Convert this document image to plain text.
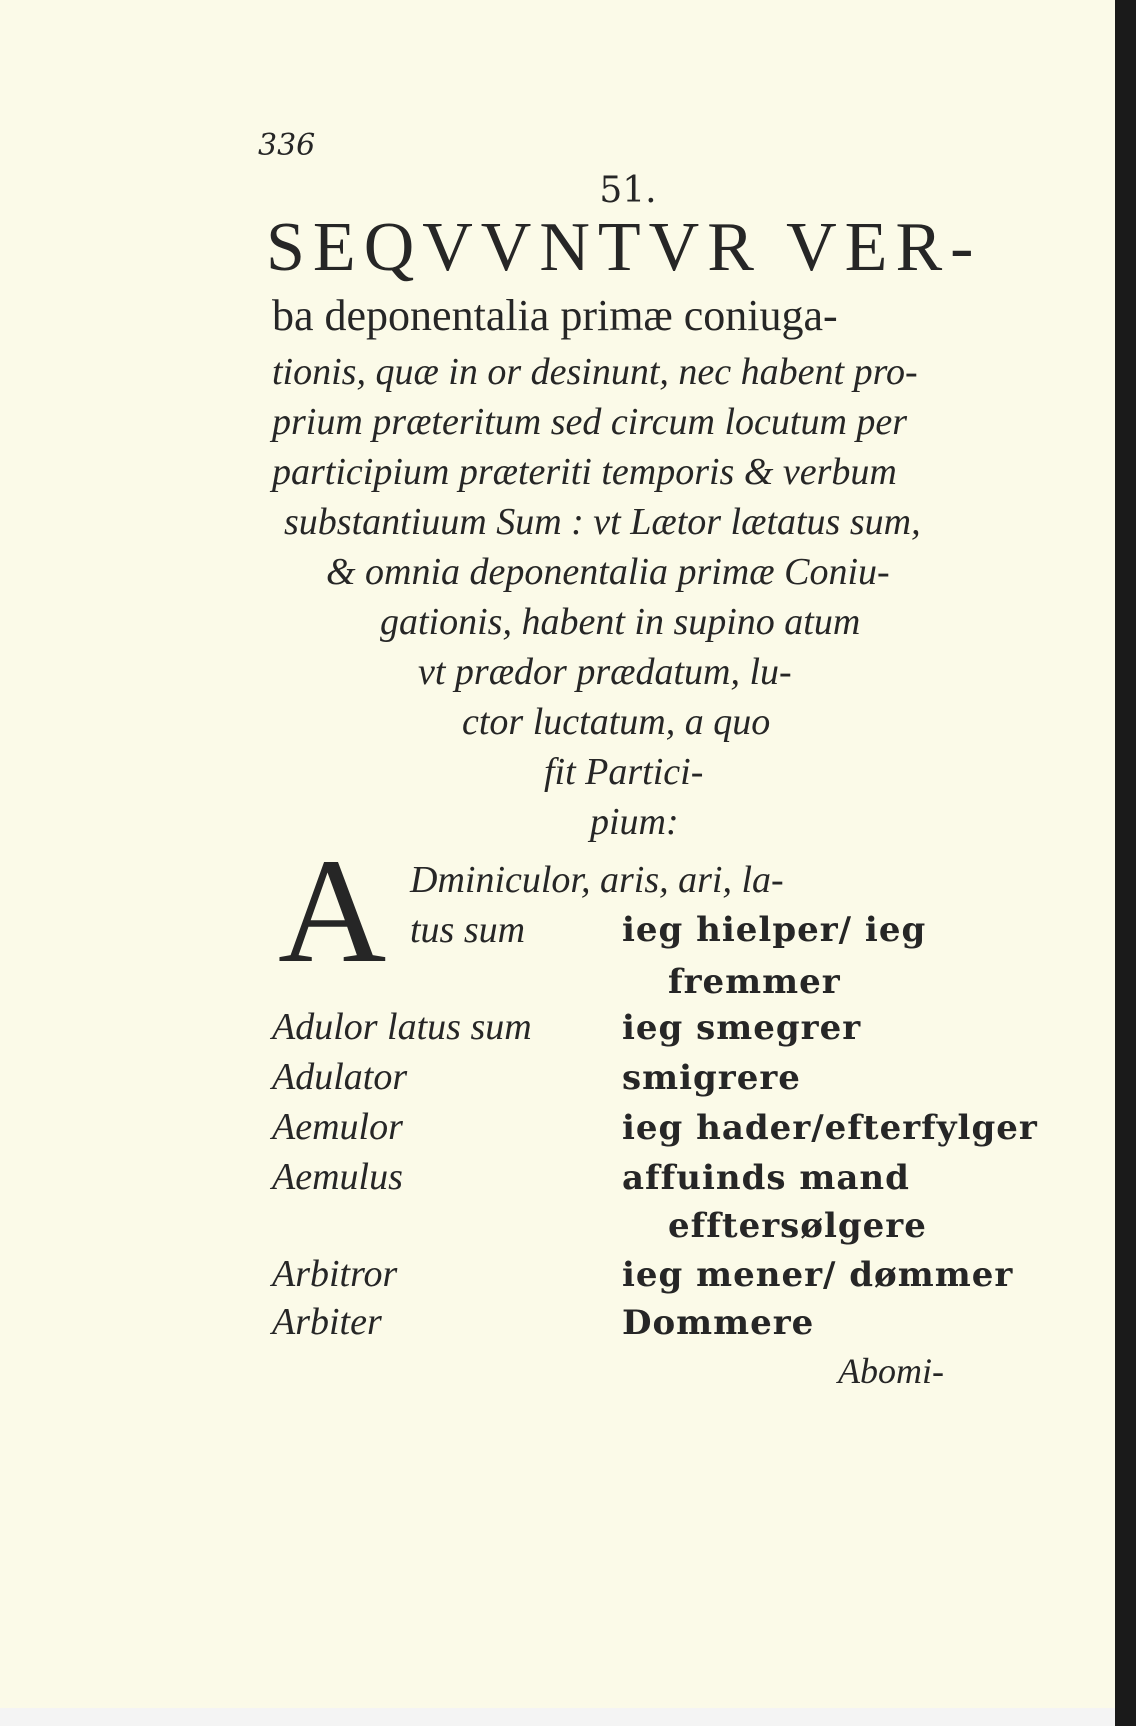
336
51.
SEQVVNTVR VER-
ba deponentalia primæ coniuga-
tionis, quæ in or desinunt, nec habent pro-
prium præteritum sed circum locutum per
participium præteriti temporis & verbum
substantiuum Sum : vt Lætor lætatus sum,
& omnia deponentalia primæ Coniu-
gationis, habent in supino atum
vt prædor prædatum, lu-
ctor luctatum, a quo
fit Partici-
pium:
A Dminiculor, aris, ari, la-
tus sum	ieg hielper/ ieg
fremmer
Adulor latus sum	ieg smegrer
Adulator	smigrere
Aemulor	ieg hader/efterfylger
Aemulus	affuinds mand
efftersølgere
Arbitror	ieg mener/ dømmer
Arbiter	Dommere
Abomi-
